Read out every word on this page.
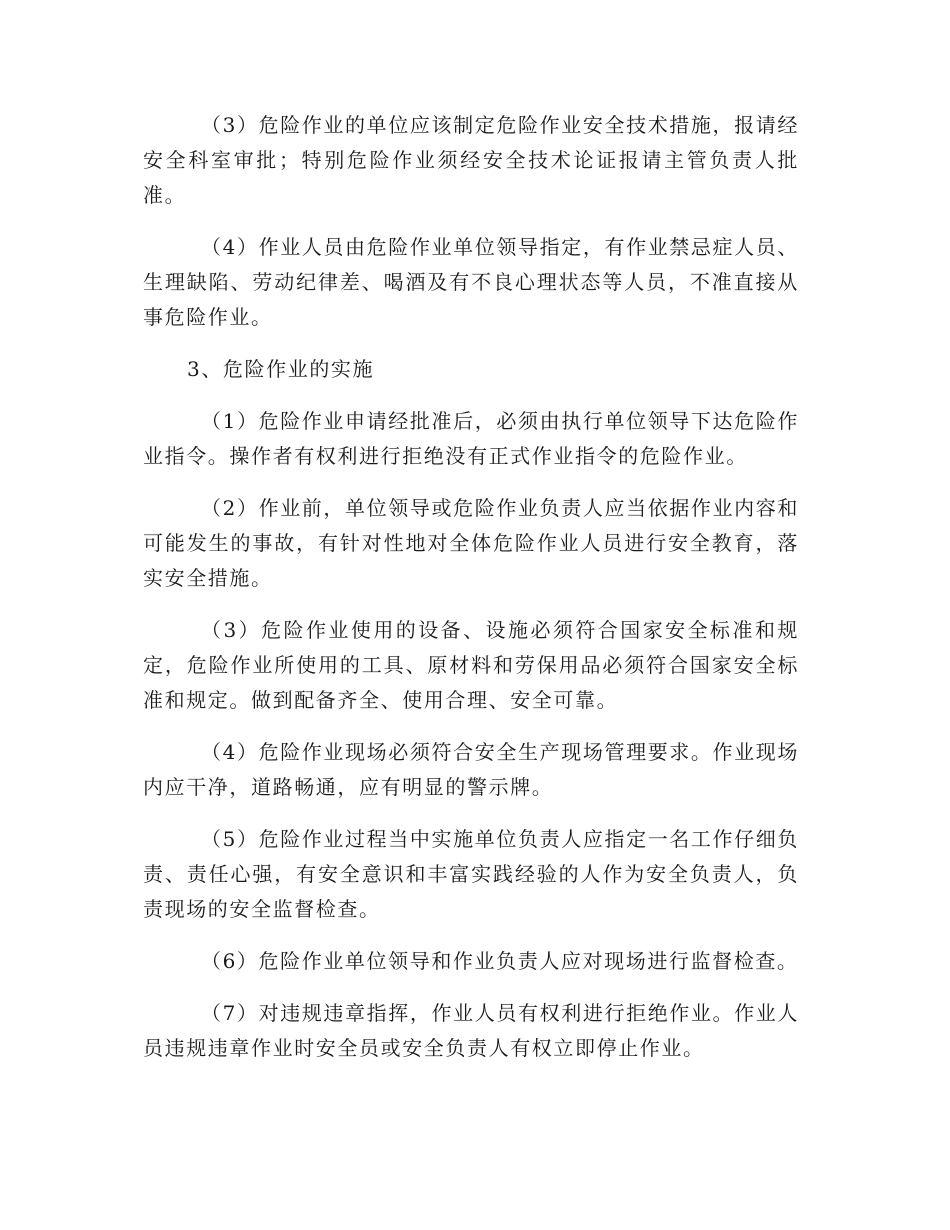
（3）危险作业的单位应该制定危险作业安全技术措施，报请经安全科室审批；特别危险作业须经安全技术论证报请主管负责人批准。

（4）作业人员由危险作业单位领导指定，有作业禁忌症人员、生理缺陷、劳动纪律差、喝酒及有不良心理状态等人员，不准直接从事危险作业。

3、危险作业的实施

（1）危险作业申请经批准后，必须由执行单位领导下达危险作业指令。操作者有权利进行拒绝没有正式作业指令的危险作业。

（2）作业前，单位领导或危险作业负责人应当依据作业内容和可能发生的事故，有针对性地对全体危险作业人员进行安全教育，落实安全措施。

（3）危险作业使用的设备、设施必须符合国家安全标准和规定，危险作业所使用的工具、原材料和劳保用品必须符合国家安全标准和规定。做到配备齐全、使用合理、安全可靠。

（4）危险作业现场必须符合安全生产现场管理要求。作业现场内应干净，道路畅通，应有明显的警示牌。

（5）危险作业过程当中实施单位负责人应指定一名工作仔细负责、责任心强，有安全意识和丰富实践经验的人作为安全负责人，负责现场的安全监督检查。

（6）危险作业单位领导和作业负责人应对现场进行监督检查。

（7）对违规违章指挥，作业人员有权利进行拒绝作业。作业人员违规违章作业时安全员或安全负责人有权立即停止作业。
